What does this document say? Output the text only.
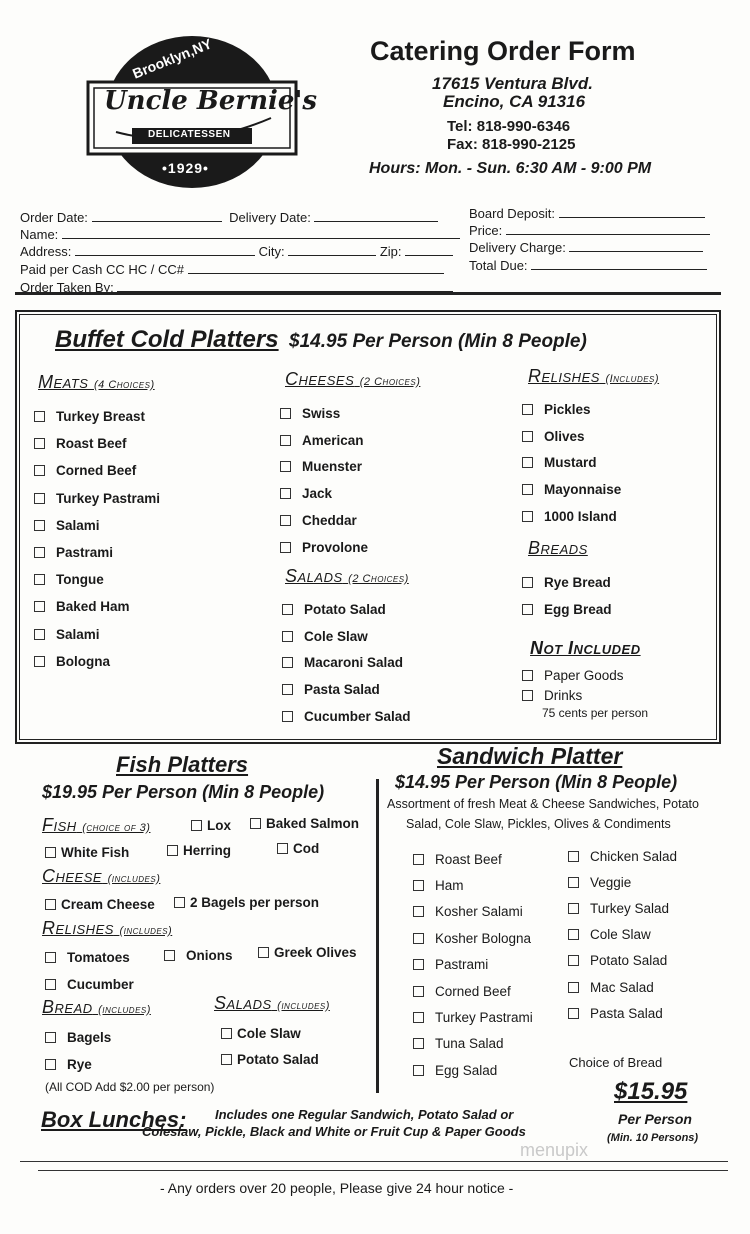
Brooklyn,NY
Uncle Bernie's
DELICATESSEN
•1929•
Catering Order Form
17615 Ventura Blvd.
Encino, CA 91316
Tel: 818-990-6346
Fax: 818-990-2125
Hours: Mon. - Sun. 6:30 AM - 9:00 PM
Order Date:	Delivery Date:
Name:
Address:	City:	Zip:
Paid per Cash CC HC / CC#
Order Taken By:
Board Deposit:
Price:
Delivery Charge:
Total Due:
Buffet Cold Platters $14.95 Per Person (Min 8 People)
Meats (4 Choices)
Turkey Breast
Roast Beef
Corned Beef
Turkey Pastrami
Salami
Pastrami
Tongue
Baked Ham
Salami
Bologna
Cheeses (2 Choices)
Swiss
American
Muenster
Jack
Cheddar
Provolone
Salads (2 Choices)
Potato Salad
Cole Slaw
Macaroni Salad
Pasta Salad
Cucumber Salad
Relishes (Includes)
Pickles
Olives
Mustard
Mayonnaise
1000 Island
Breads
Rye Bread
Egg Bread
Not Included
Paper Goods
Drinks
75 cents per person
Fish Platters
$19.95 Per Person (Min 8 People)
Fish (choice of 3)	Lox	Baked Salmon
White Fish	Herring	Cod
Cheese (includes)
Cream Cheese	2 Bagels per person
Relishes (includes)
Tomatoes	Onions	Greek Olives
Cucumber
Bread (includes)
Bagels
Rye
Salads (includes)
Cole Slaw
Potato Salad
(All COD Add $2.00 per person)
Sandwich Platter
$14.95 Per Person (Min 8 People)
Assortment of fresh Meat & Cheese Sandwiches, Potato
Salad, Cole Slaw, Pickles, Olives & Condiments
Roast Beef
Ham
Kosher Salami
Kosher Bologna
Pastrami
Corned Beef
Turkey Pastrami
Tuna Salad
Egg Salad
Chicken Salad
Veggie
Turkey Salad
Cole Slaw
Potato Salad
Mac Salad
Pasta Salad
Choice of Bread
Box Lunches: Includes one Regular Sandwich, Potato Salad or
Coleslaw, Pickle, Black and White or Fruit Cup & Paper Goods
$15.95
Per Person
(Min. 10 Persons)
menupix
- Any orders over 20 people, Please give 24 hour notice -
